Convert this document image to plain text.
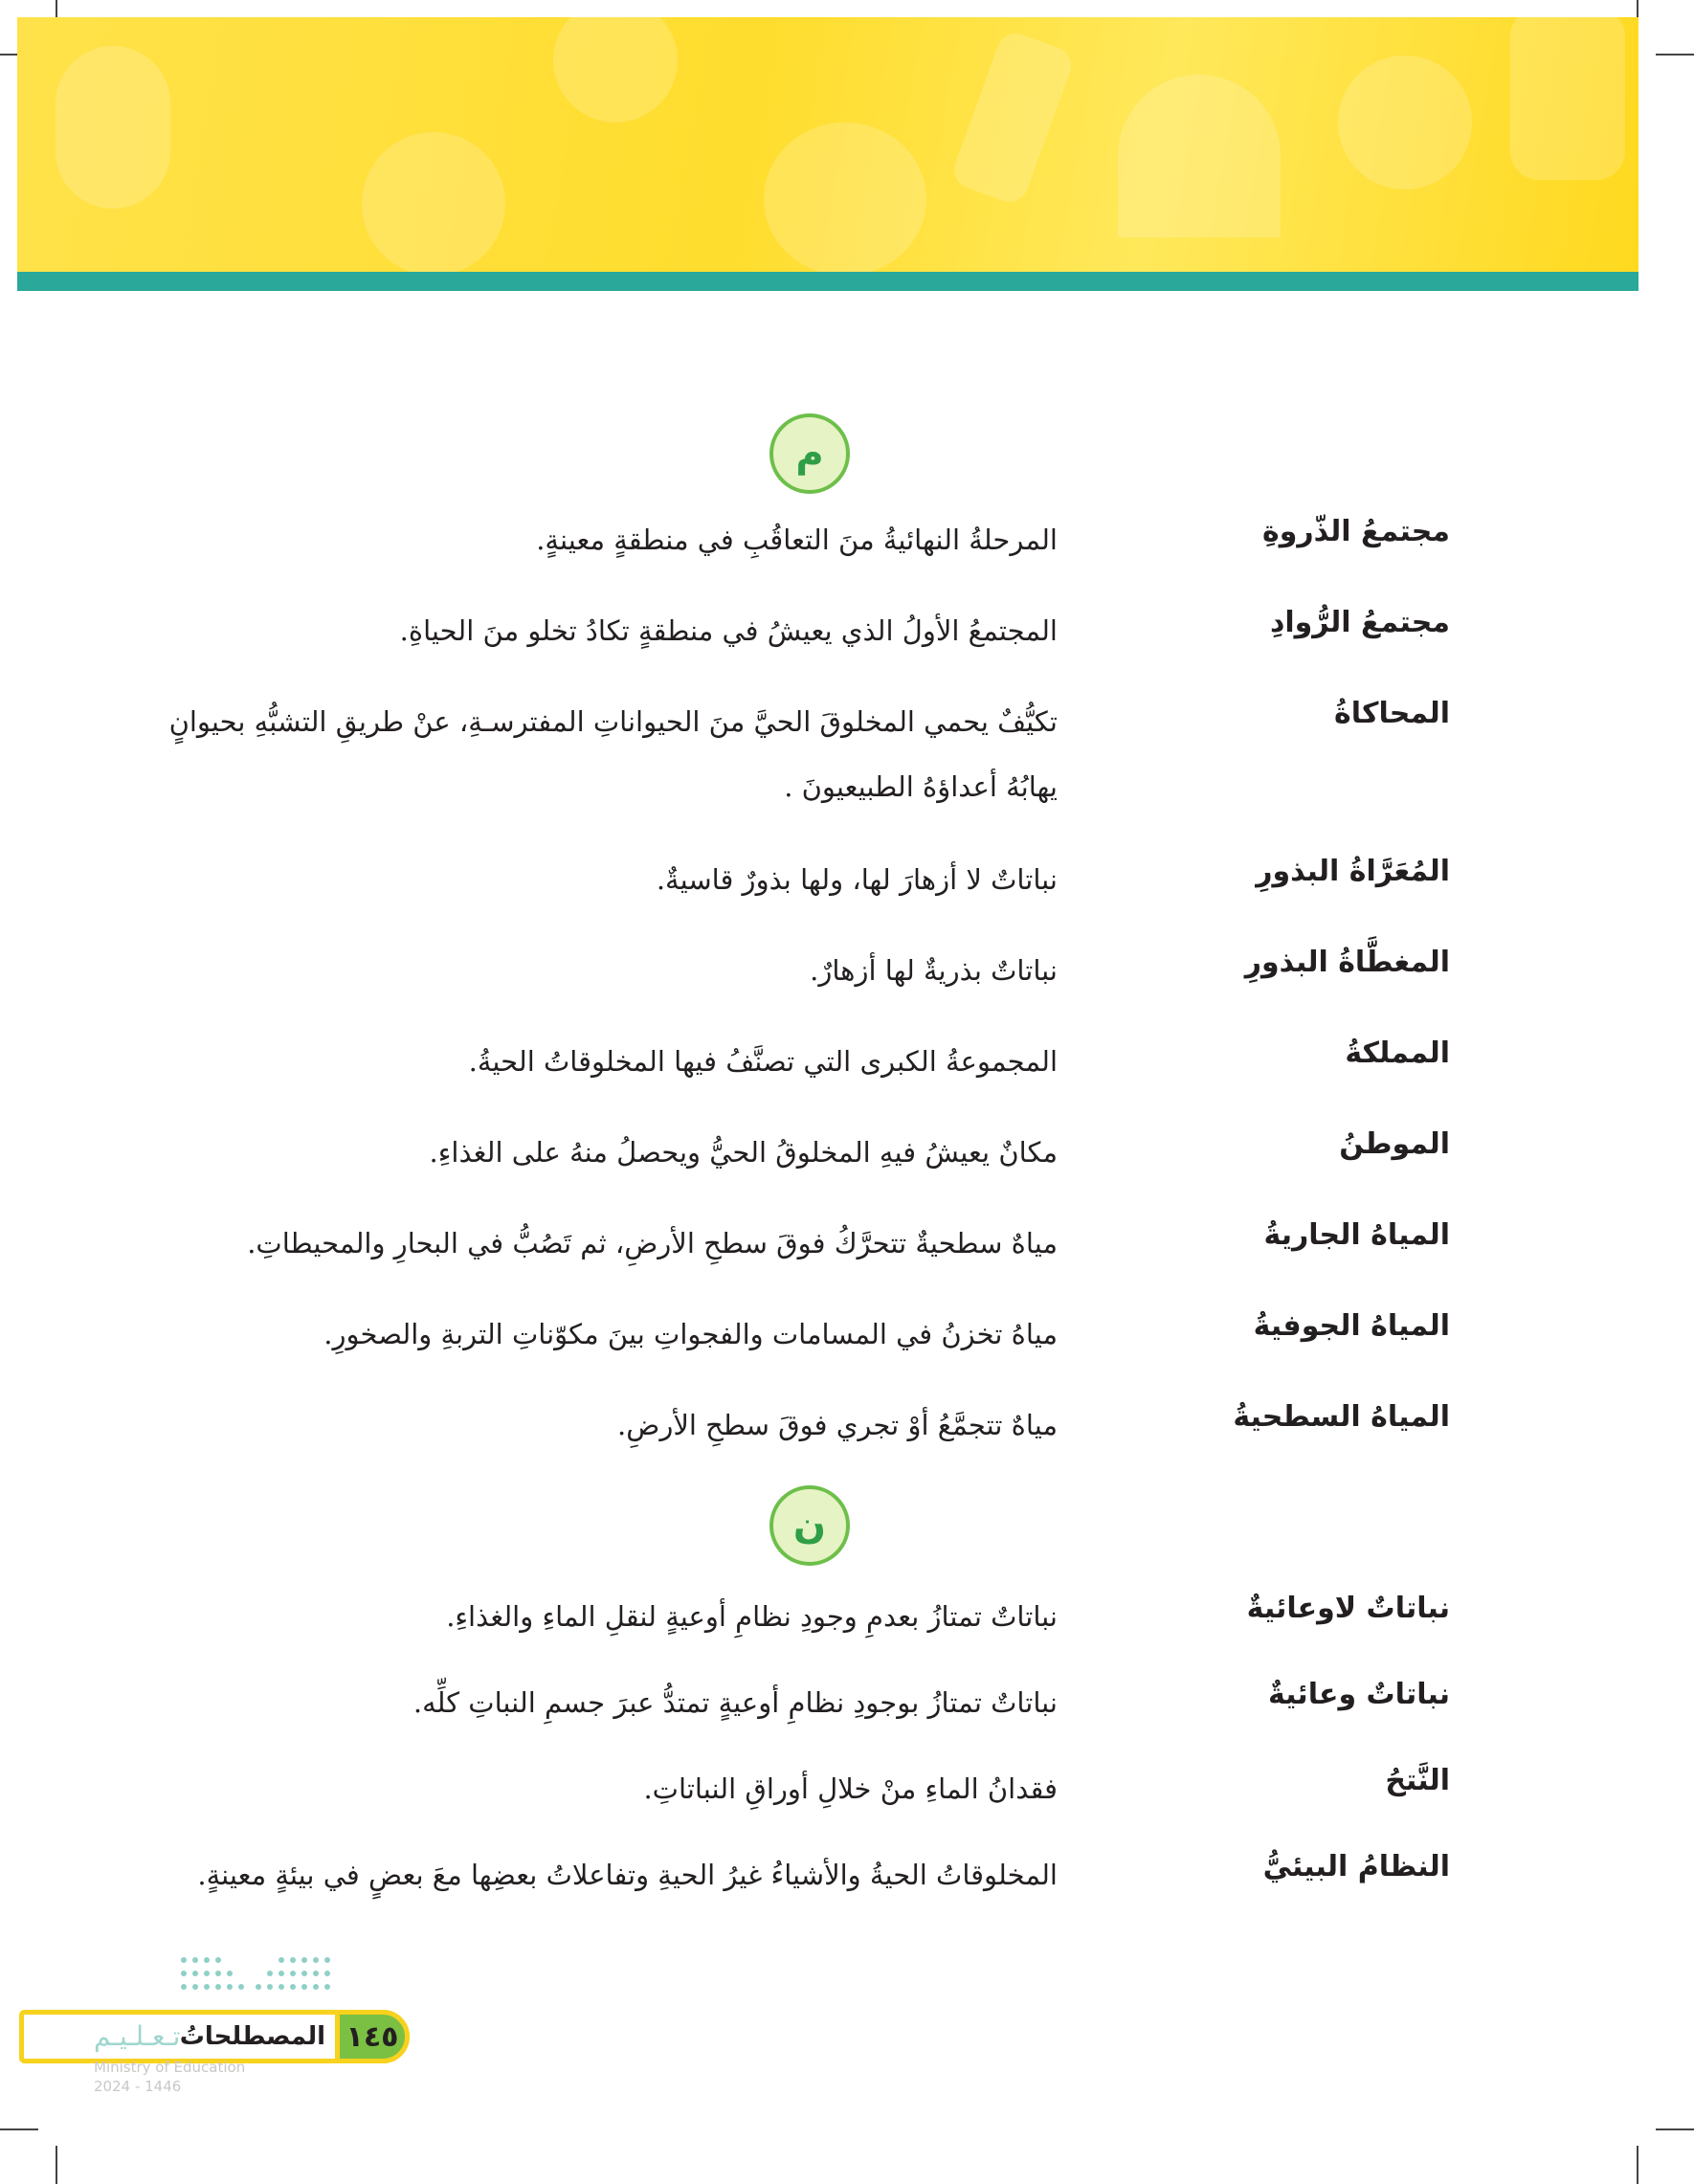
م
مجتمعُ الذّروةِ
المرحلةُ النهائيةُ منَ التعاقُبِ في منطقةٍ معينةٍ.
مجتمعُ الرُّوادِ
المجتمعُ الأولُ الذي يعيشُ في منطقةٍ تكادُ تخلو منَ الحياةِ.
المحاكاةُ
تكيُّفٌ يحمي المخلوقَ الحيَّ منَ الحيواناتِ المفترسـةِ، عنْ طريقِ التشبُّهِ بحيوانٍ
يهابُهُ أعداؤهُ الطبيعيونَ .
المُعَرَّاةُ البذورِ
نباتاتٌ لا أزهارَ لها، ولها بذورٌ قاسيةٌ.
المغطَّاةُ البذورِ
نباتاتٌ بذريةٌ لها أزهارٌ.
المملكةُ
المجموعةُ الكبرى التي تصنَّفُ فيها المخلوقاتُ الحيةُ.
الموطنُ
مكانٌ يعيشُ فيهِ المخلوقُ الحيُّ ويحصلُ منهُ على الغذاءِ.
المياهُ الجاريةُ
مياهٌ سطحيةٌ تتحرَّكُ فوقَ سطحِ الأرضِ، ثم تَصُبُّ في البحارِ والمحيطاتِ.
المياهُ الجوفيةُ
مياهُ تخزنُ في المسامات والفجواتِ بينَ مكوّناتِ التربةِ والصخورِ.
المياهُ السطحيةُ
مياهٌ تتجمَّعُ أوْ تجري فوقَ سطحِ الأرضِ.
ن
نباتاتٌ لاوعائيةٌ
نباتاتٌ تمتازُ بعدمِ وجودِ نظامِ أوعيةٍ لنقلِ الماءِ والغذاءِ.
نباتاتٌ وعائيةٌ
نباتاتٌ تمتازُ بوجودِ نظامِ أوعيةٍ تمتدُّ عبرَ جسمِ النباتِ كلِّه.
النَّتحُ
فقدانُ الماءِ منْ خلالِ أوراقِ النباتاتِ.
النظامُ البيئيُّ
المخلوقاتُ الحيةُ والأشياءُ غيرُ الحيةِ وتفاعلاتُ بعضِها معَ بعضٍ في بيئةٍ معينةٍ.
تـعـلـيـم المصطلحاتُ ١٤٥
Ministry of Education
2024 - 1446
